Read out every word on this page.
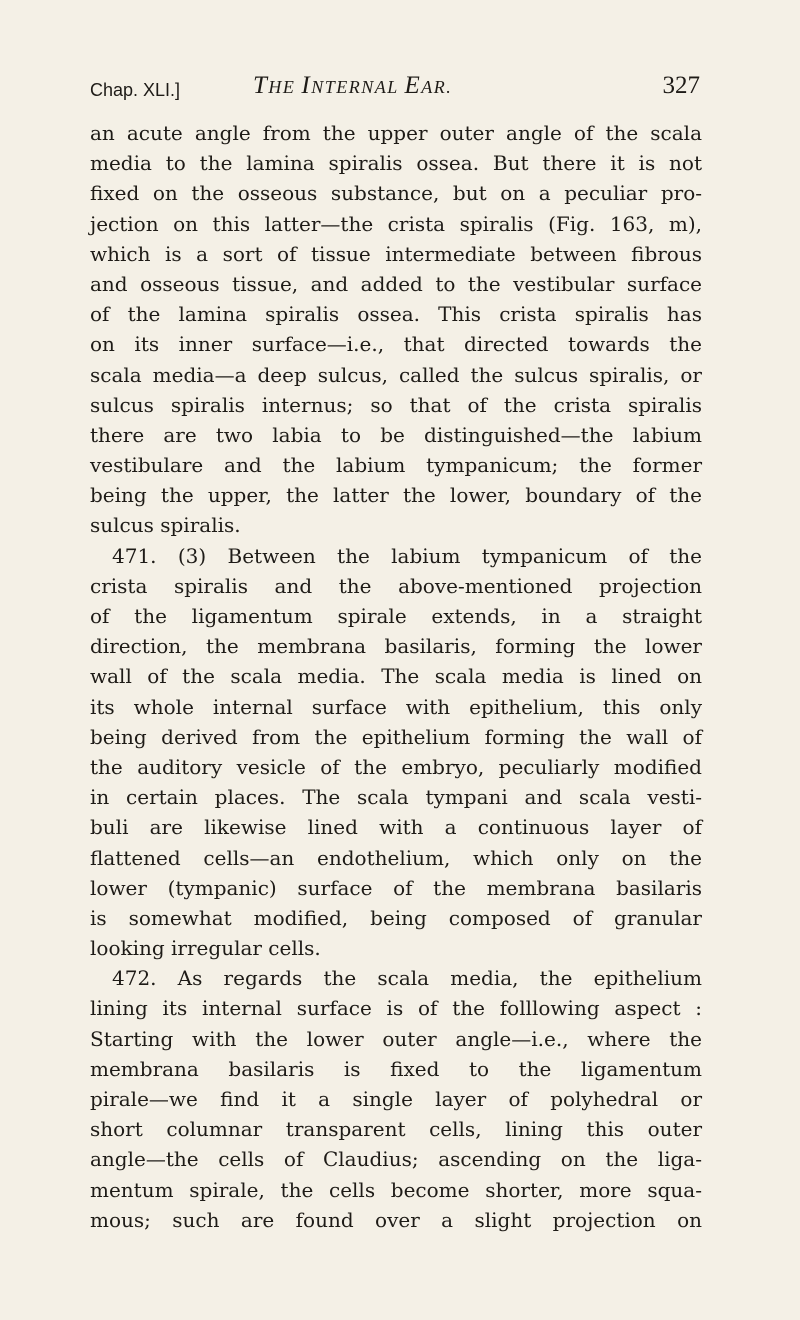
Chap. XLI.]	THE INTERNAL EAR.	327
an acute angle from the upper outer angle of the scala
media to the lamina spiralis ossea. But there it is not
fixed on the osseous substance, but on a peculiar pro-
jection on this latter—the crista spiralis (Fig. 163, m),
which is a sort of tissue intermediate between fibrous
and osseous tissue, and added to the vestibular surface
of the lamina spiralis ossea. This crista spiralis has
on its inner surface—i.e., that directed towards the
scala media—a deep sulcus, called the sulcus spiralis, or
sulcus spiralis internus; so that of the crista spiralis
there are two labia to be distinguished—the labium
vestibulare and the labium tympanicum; the former
being the upper, the latter the lower, boundary of the
sulcus spiralis.
471. (3) Between the labium tympanicum of the
crista spiralis and the above-mentioned projection
of the ligamentum spirale extends, in a straight
direction, the membrana basilaris, forming the lower
wall of the scala media. The scala media is lined on
its whole internal surface with epithelium, this only
being derived from the epithelium forming the wall of
the auditory vesicle of the embryo, peculiarly modified
in certain places. The scala tympani and scala vesti-
buli are likewise lined with a continuous layer of
flattened cells—an endothelium, which only on the
lower (tympanic) surface of the membrana basilaris
is somewhat modified, being composed of granular
looking irregular cells.
472. As regards the scala media, the epithelium
lining its internal surface is of the folllowing aspect :
Starting with the lower outer angle—i.e., where the
membrana basilaris is fixed to the ligamentum
pirale—we find it a single layer of polyhedral or
short columnar transparent cells, lining this outer
angle—the cells of Claudius; ascending on the liga-
mentum spirale, the cells become shorter, more squa-
mous; such are found over a slight projection on
